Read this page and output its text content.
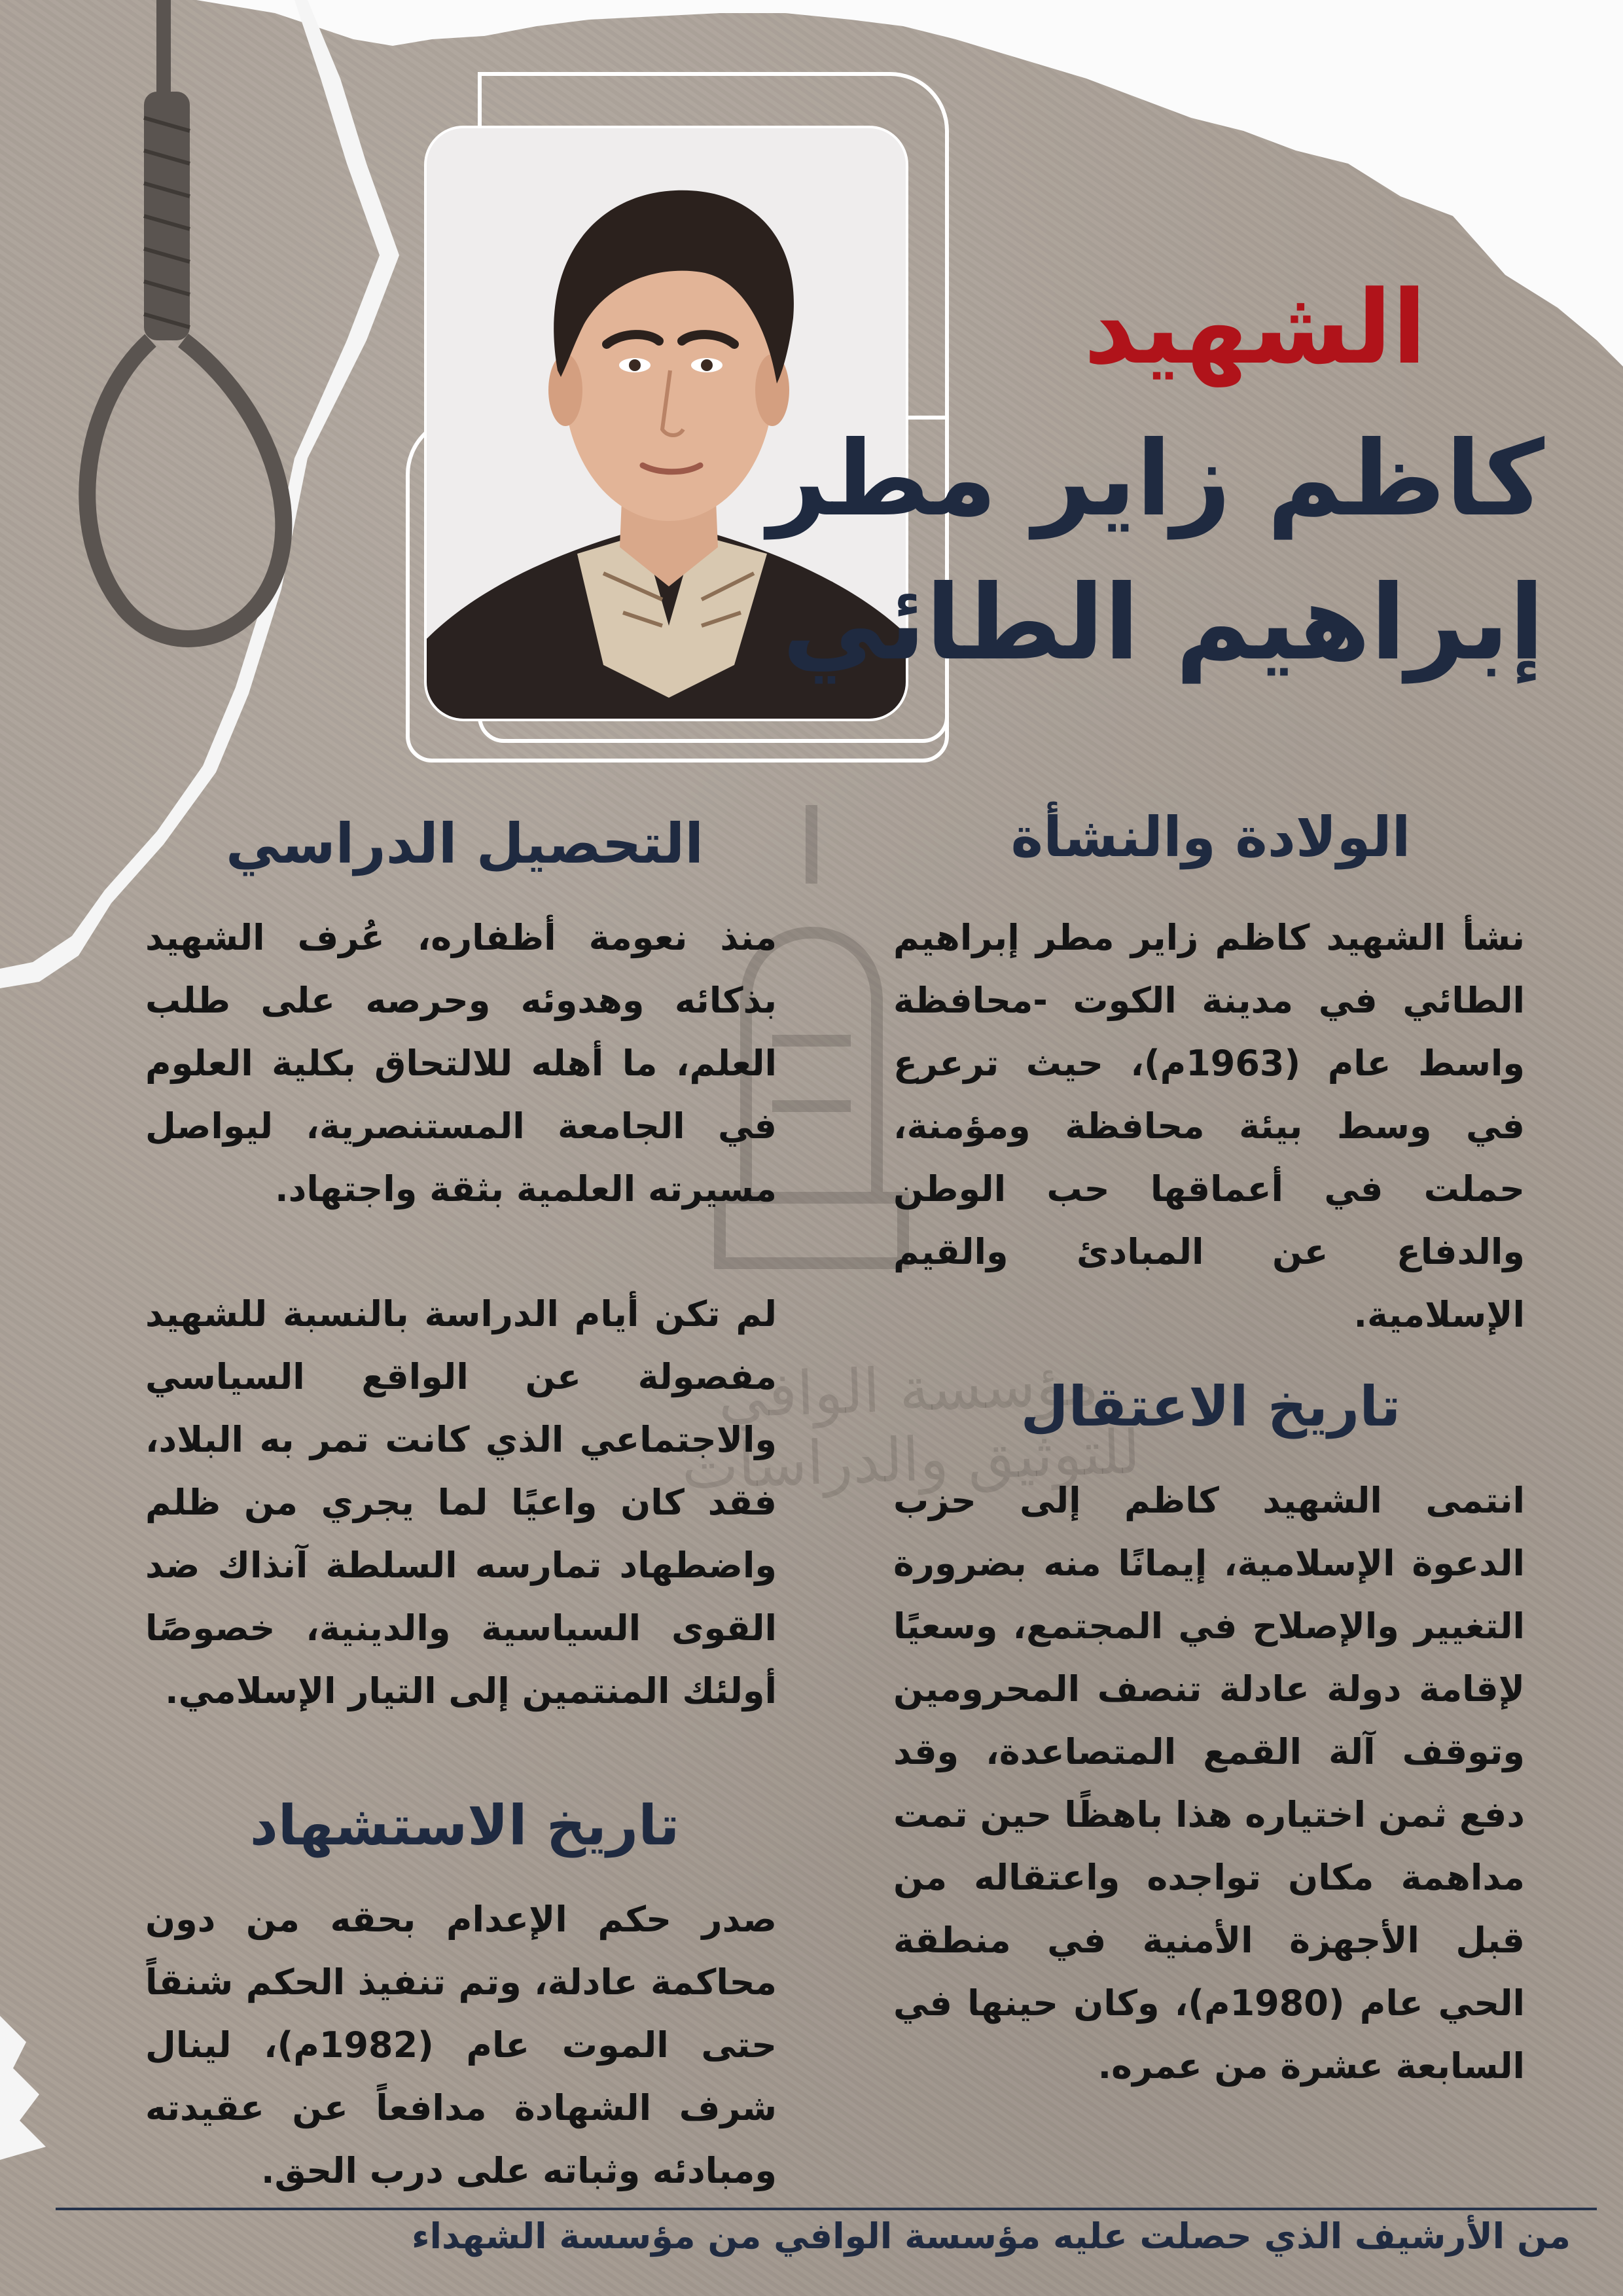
مؤسسة الوافي للتوثيق والدراسات
الشهيد
كاظم زاير مطر
إبراهيم الطائي
الولادة والنشأة
نشأ الشهيد كاظم زاير مطر إبراهيم الطائي في مدينة الكوت -محافظة واسط عام (1963م)، حيث ترعرع في وسط بيئة محافظة ومؤمنة، حملت في أعماقها حب الوطن والدفاع عن المبادئ والقيم الإسلامية.
تاريخ الاعتقال
انتمى الشهيد كاظم إلى حزب الدعوة الإسلامية، إيمانًا منه بضرورة التغيير والإصلاح في المجتمع، وسعيًا لإقامة دولة عادلة تنصف المحرومين وتوقف آلة القمع المتصاعدة، وقد دفع ثمن اختياره هذا باهظًا حين تمت مداهمة مكان تواجده واعتقاله من قبل الأجهزة الأمنية في منطقة الحي عام (1980م)، وكان حينها في السابعة عشرة من عمره.
التحصيل الدراسي
منذ نعومة أظفاره، عُرف الشهيد بذكائه وهدوئه وحرصه على طلب العلم، ما أهله للالتحاق بكلية العلوم في الجامعة المستنصرية، ليواصل مسيرته العلمية بثقة واجتهاد.
لم تكن أيام الدراسة بالنسبة للشهيد مفصولة عن الواقع السياسي والاجتماعي الذي كانت تمر به البلاد، فقد كان واعيًا لما يجري من ظلم واضطهاد تمارسه السلطة آنذاك ضد القوى السياسية والدينية، خصوصًا أولئك المنتمين إلى التيار الإسلامي.
تاريخ الاستشهاد
صدر حكم الإعدام بحقه من دون محاكمة عادلة، وتم تنفيذ الحكم شنقاً حتى الموت عام (1982م)، لينال شرف الشهادة مدافعاً عن عقيدته ومبادئه وثباته على درب الحق.
من الأرشيف الذي حصلت عليه مؤسسة الوافي من مؤسسة الشهداء
